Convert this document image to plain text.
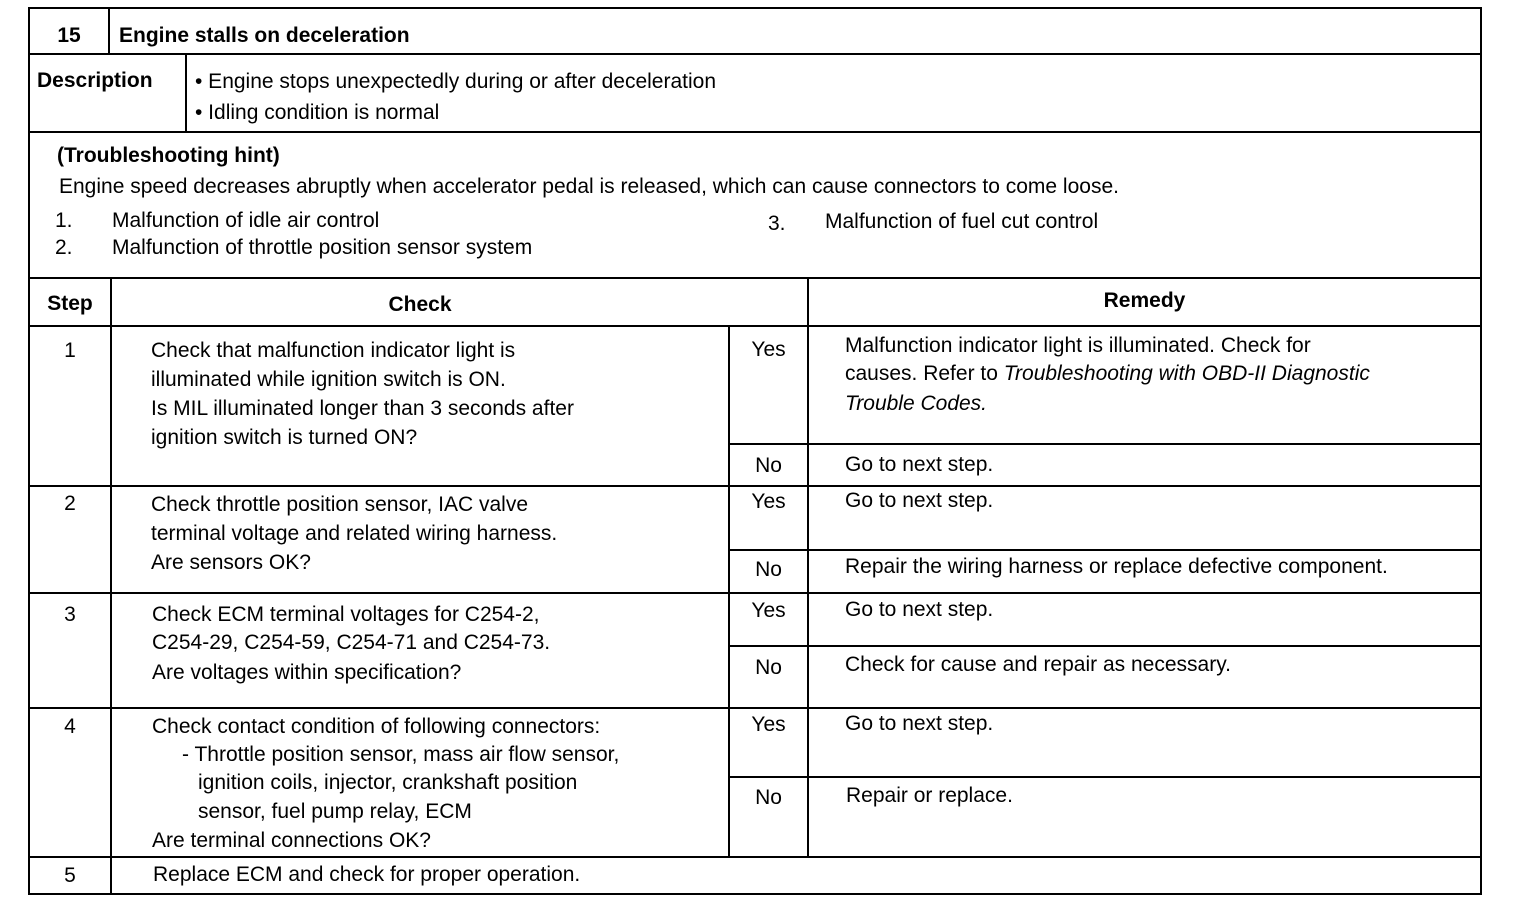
15	Engine stalls on deceleration
Description • Engine stops unexpectedly during or after deceleration
• Idling condition is normal
(Troubleshooting hint)
Engine speed decreases abruptly when accelerator pedal is released, which can cause connectors to come loose.
1. Malfunction of idle air control
2. Malfunction of throttle position sensor system
3. Malfunction of fuel cut control
Step	Check	Remedy
1	Check that malfunction indicator light is
illuminated while ignition switch is ON.
Is MIL illuminated longer than 3 seconds after
ignition switch is turned ON?
Yes	Malfunction indicator light is illuminated. Check for
causes. Refer to Troubleshooting with OBD-II Diagnostic
Trouble Codes.
No	Go to next step.
2	Check throttle position sensor, IAC valve
terminal voltage and related wiring harness.
Are sensors OK?
Yes	Go to next step.
No	Repair the wiring harness or replace defective component.
3	Check ECM terminal voltages for C254-2,
C254-29, C254-59, C254-71 and C254-73.
Are voltages within specification?
Yes	Go to next step.
No	Check for cause and repair as necessary.
4	Check contact condition of following connectors:
- Throttle position sensor, mass air flow sensor,
ignition coils, injector, crankshaft position
sensor, fuel pump relay, ECM
Are terminal connections OK?
Yes	Go to next step.
No	Repair or replace.
5	Replace ECM and check for proper operation.
